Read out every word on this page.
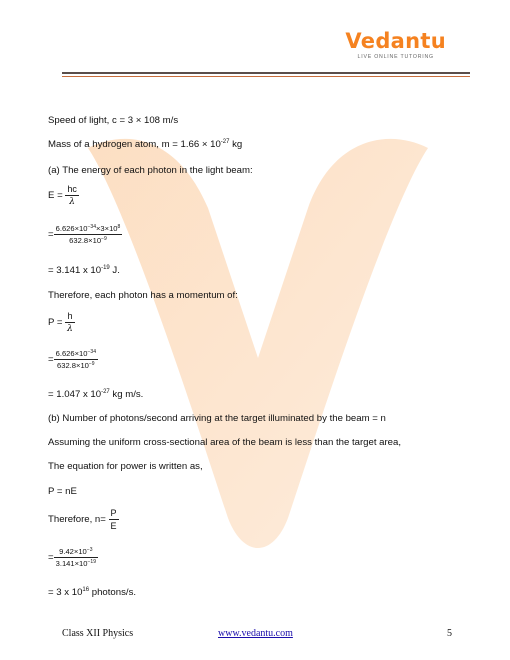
Vedantu
LIVE ONLINE TUTORING
Speed of light, c = 3 × 108 m/s
Mass of a hydrogen atom, $m = 1.66 \times 10^{-27}$ kg
(a) The energy of each photon in the light beam:
$E = \frac{hc}{\lambda}$
= $\frac{6.626\times 10^{-34}\times 3\times 10^8}{632.8\times 10^{-9}}$
= 3.141 x $10^{-19}$ J.
Therefore, each photon has a momentum of:
$P = \frac{h}{\lambda}$
= $\frac{6.626\times 10^{-34}}{632.8\times 10^{-9}}$
= 1.047 x $10^{-27}$ kg m/s.
(b) Number of photons/second arriving at the target illuminated by the beam = n
Assuming the uniform cross-sectional area of the beam is less than the target area,
The equation for power is written as,
P = nE
Therefore, $n= \frac{P}{E}$
= $\frac{9.42\times 10^{-3}}{3.141\times 10^{-19}}$
= 3 x $10^{16}$ photons/s.
Class XII Physics	www.vedantu.com	5
